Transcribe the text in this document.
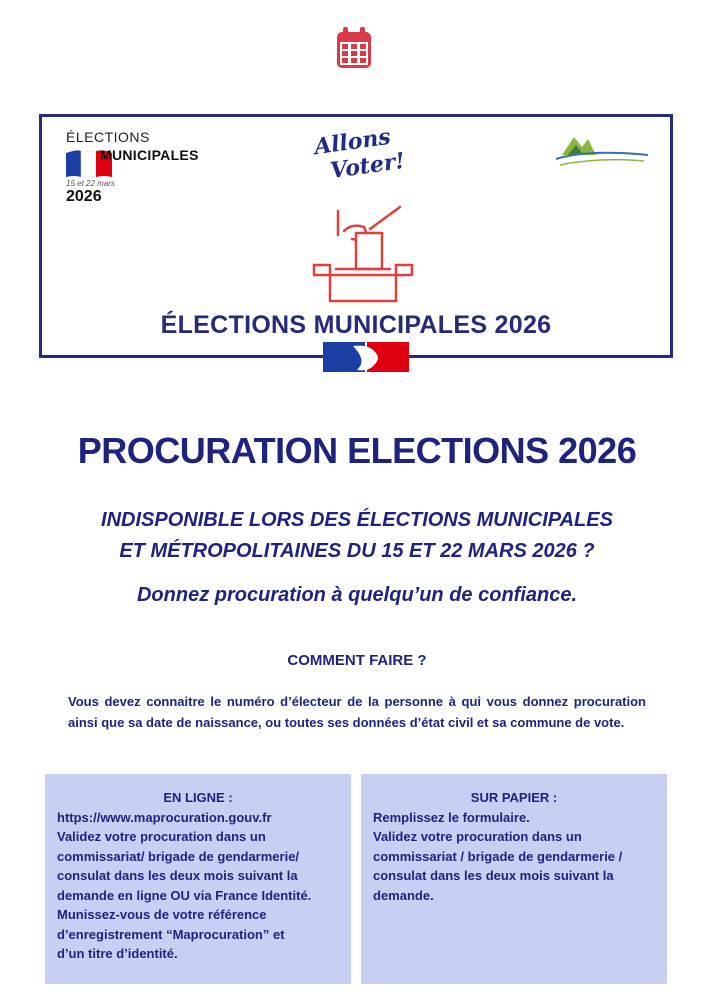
ÉLECTIONS
MUNICIPALES
15 et 22 mars
2026
Allons
Voter!
ÉLECTIONS MUNICIPALES 2026
PROCURATION ELECTIONS 2026
INDISPONIBLE LORS DES ÉLECTIONS MUNICIPALES
ET MÉTROPOLITAINES DU 15 ET 22 MARS 2026 ?
Donnez procuration à quelqu’un de confiance.
COMMENT FAIRE ?
Vous devez connaitre le numéro d’électeur de la personne à qui vous donnez procuration ainsi que sa date de naissance, ou toutes ses données d’état civil et sa commune de vote.
EN LIGNE :
https://www.maprocuration.gouv.fr
Validez votre procuration dans un
commissariat/ brigade de gendarmerie/
consulat dans les deux mois suivant la
demande en ligne OU via France Identité.
Munissez-vous de votre référence
d’enregistrement “Maprocuration” et
d’un titre d’identité.
SUR PAPIER :
Remplissez le formulaire.
Validez votre procuration dans un
commissariat / brigade de gendarmerie /
consulat dans les deux mois suivant la
demande.
